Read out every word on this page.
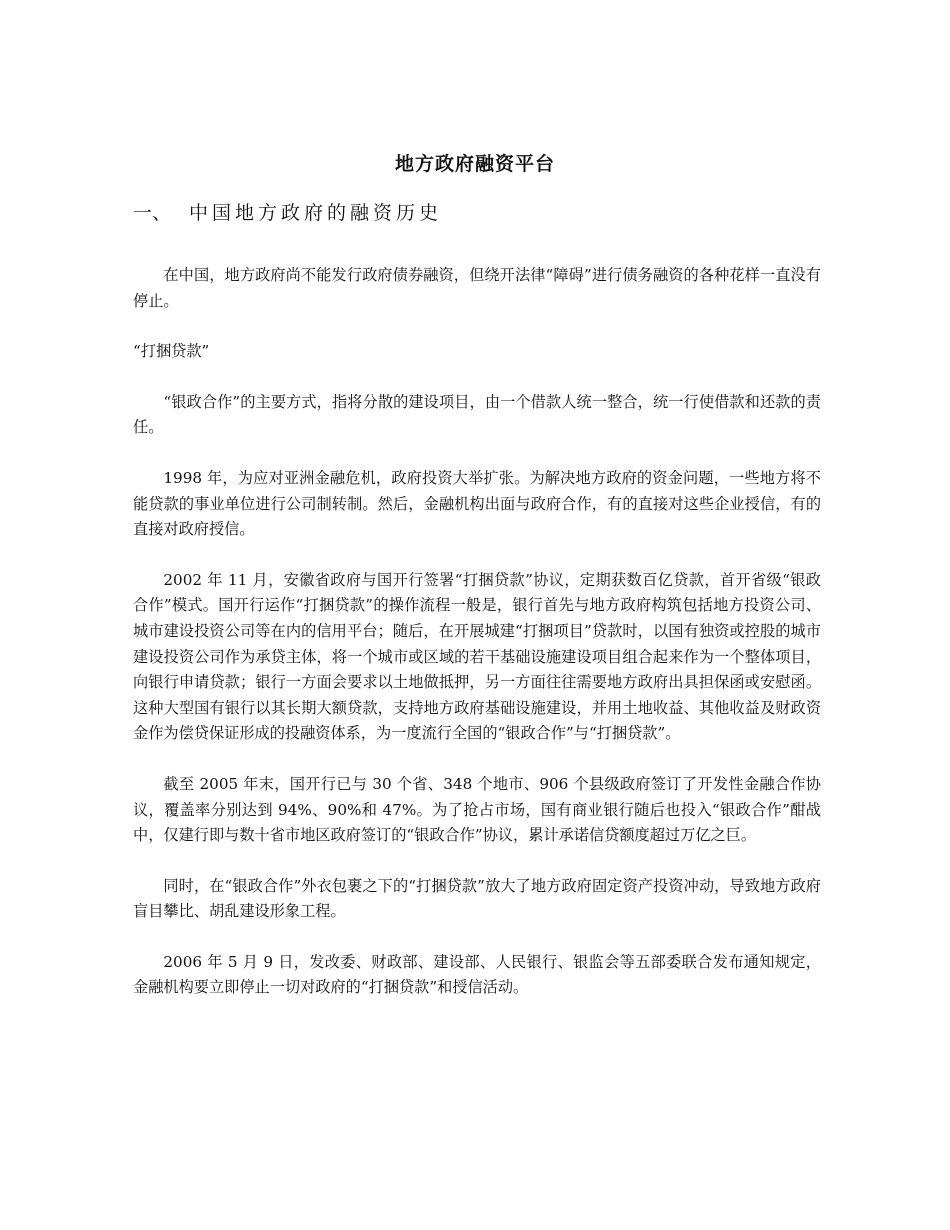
地方政府融资平台
一、 中国地方政府的融资历史

在中国，地方政府尚不能发行政府债券融资，但绕开法律“障碍”进行债务融资的各种花样一直没有停止。

“打捆贷款”

“银政合作”的主要方式，指将分散的建设项目，由一个借款人统一整合，统一行使借款和还款的责任。

1998 年，为应对亚洲金融危机，政府投资大举扩张。为解决地方政府的资金问题，一些地方将不能贷款的事业单位进行公司制转制。然后，金融机构出面与政府合作，有的直接对这些企业授信，有的直接对政府授信。

2002 年 11 月，安徽省政府与国开行签署“打捆贷款”协议，定期获数百亿贷款，首开省级“银政合作”模式。国开行运作“打捆贷款”的操作流程一般是，银行首先与地方政府构筑包括地方投资公司、城市建设投资公司等在内的信用平台；随后，在开展城建“打捆项目”贷款时，以国有独资或控股的城市建设投资公司作为承贷主体，将一个城市或区域的若干基础设施建设项目组合起来作为一个整体项目，向银行申请贷款；银行一方面会要求以土地做抵押，另一方面往往需要地方政府出具担保函或安慰函。这种大型国有银行以其长期大额贷款，支持地方政府基础设施建设，并用土地收益、其他收益及财政资金作为偿贷保证形成的投融资体系，为一度流行全国的“银政合作”与“打捆贷款”。

截至 2005 年末，国开行已与 30 个省、348 个地市、906 个县级政府签订了开发性金融合作协议，覆盖率分别达到 94%、90%和 47%。为了抢占市场，国有商业银行随后也投入“银政合作”酣战中，仅建行即与数十省市地区政府签订的“银政合作”协议，累计承诺信贷额度超过万亿之巨。

同时，在“银政合作”外衣包裹之下的“打捆贷款”放大了地方政府固定资产投资冲动，导致地方政府盲目攀比、胡乱建设形象工程。

2006 年 5 月 9 日，发改委、财政部、建设部、人民银行、银监会等五部委联合发布通知规定，金融机构要立即停止一切对政府的“打捆贷款”和授信活动。
